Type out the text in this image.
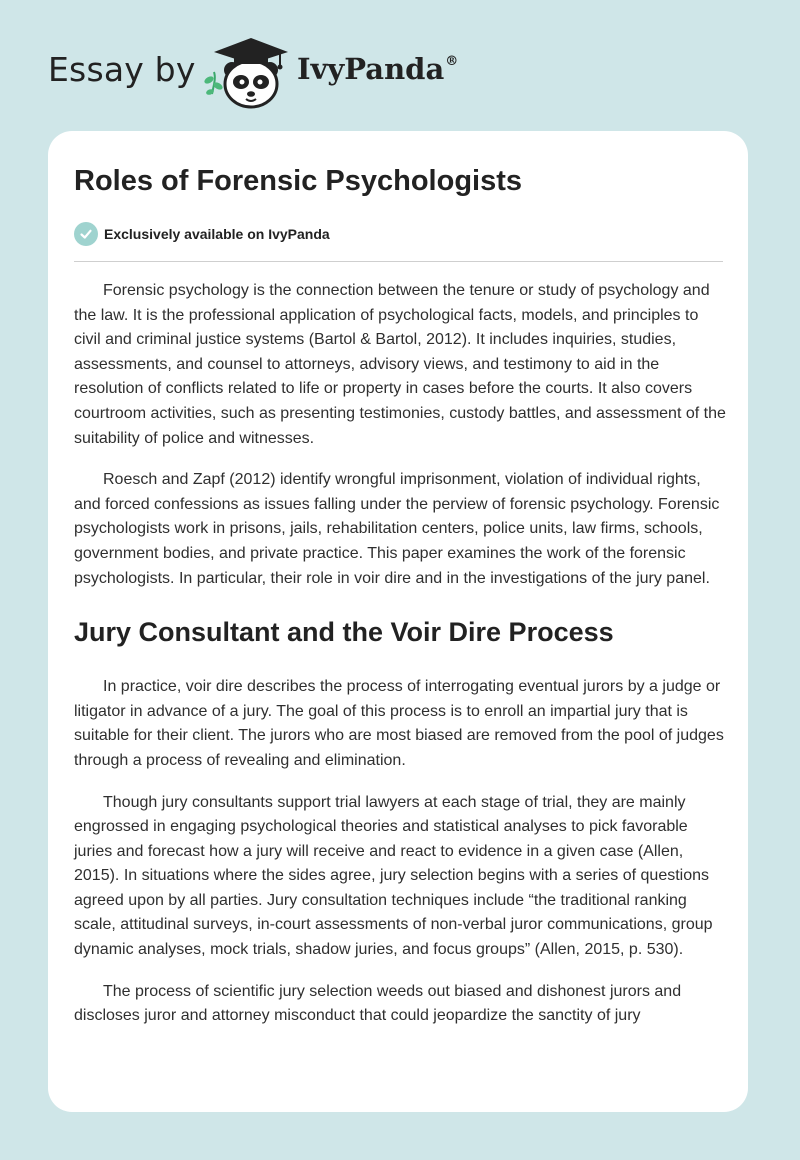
Essay by	IvyPanda®
Roles of Forensic Psychologists
Exclusively available on IvyPanda

Forensic psychology is the connection between the tenure or study of psychology and the law. It is the professional application of psychological facts, models, and principles to civil and criminal justice systems (Bartol & Bartol, 2012). It includes inquiries, studies, assessments, and counsel to attorneys, advisory views, and testimony to aid in the resolution of conflicts related to life or property in cases before the courts. It also covers courtroom activities, such as presenting testimonies, custody battles, and assessment of the suitability of police and witnesses.

Roesch and Zapf (2012) identify wrongful imprisonment, violation of individual rights, and forced confessions as issues falling under the perview of forensic psychology. Forensic psychologists work in prisons, jails, rehabilitation centers, police units, law firms, schools, government bodies, and private practice. This paper examines the work of the forensic psychologists. In particular, their role in voir dire and in the investigations of the jury panel.

Jury Consultant and the Voir Dire Process

In practice, voir dire describes the process of interrogating eventual jurors by a judge or litigator in advance of a jury. The goal of this process is to enroll an impartial jury that is suitable for their client. The jurors who are most biased are removed from the pool of judges through a process of revealing and elimination.

Though jury consultants support trial lawyers at each stage of trial, they are mainly engrossed in engaging psychological theories and statistical analyses to pick favorable juries and forecast how a jury will receive and react to evidence in a given case (Allen, 2015). In situations where the sides agree, jury selection begins with a series of questions agreed upon by all parties. Jury consultation techniques include “the traditional ranking scale, attitudinal surveys, in-court assessments of non-verbal juror communications, group dynamic analyses, mock trials, shadow juries, and focus groups” (Allen, 2015, p. 530).

The process of scientific jury selection weeds out biased and dishonest jurors and discloses juror and attorney misconduct that could jeopardize the sanctity of jury
